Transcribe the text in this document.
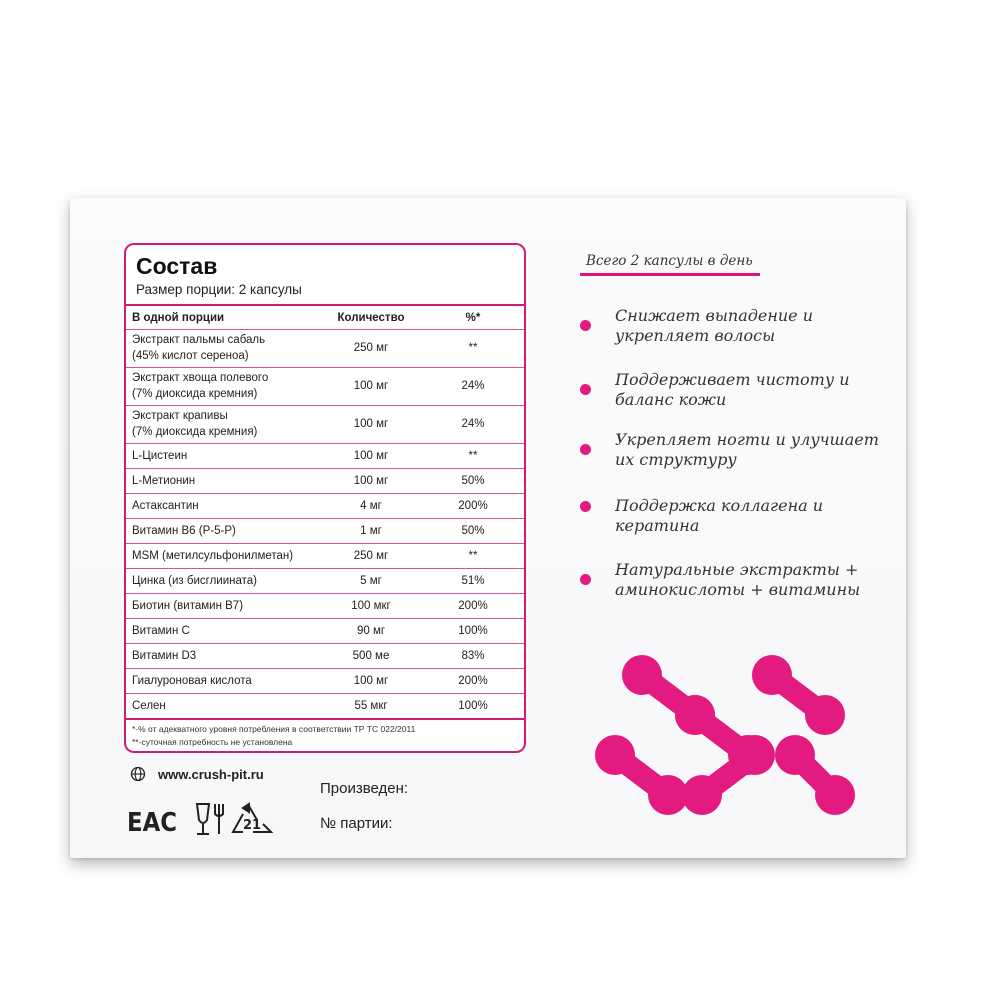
Состав
Размер порции: 2 капсулы
В одной порции	Количество	%*
Экстракт пальмы сабаль
(45% кислот сереноа)
250 мг	**
Экстракт хвоща полевого
(7% диоксида кремния)
100 мг	24%
Экстракт крапивы
(7% диоксида кремния)
100 мг	24%
L-Цистеин	100 мг	**
L-Метионин	100 мг	50%
Астаксантин	4 мг	200%
Витамин В6 (Р-5-Р)	1 мг	50%
MSM (метилсульфонилметан)	250 мг	**
Цинка (из бисглиината)	5 мг	51%
Биотин (витамин В7)	100 мкг	200%
Витамин С	90 мг	100%
Витамин D3	500 ме	83%
Гиалуроновая кислота	100 мг	200%
Селен	55 мкг	100%
*-% от адекватного уровня потребления в соответствии ТР ТС 022/2011
**-суточная потребность не установлена
www.crush-pit.ru
ЕАС	21
Произведен:
№ партии:
Всего 2 капсулы в день
Снижает выпадение и
укрепляет волосы
Поддерживает чистоту и
баланс кожи
Укрепляет ногти и улучшает
их структуру
Поддержка коллагена и кератина
Натуральные экстракты +
аминокислоты + витамины
